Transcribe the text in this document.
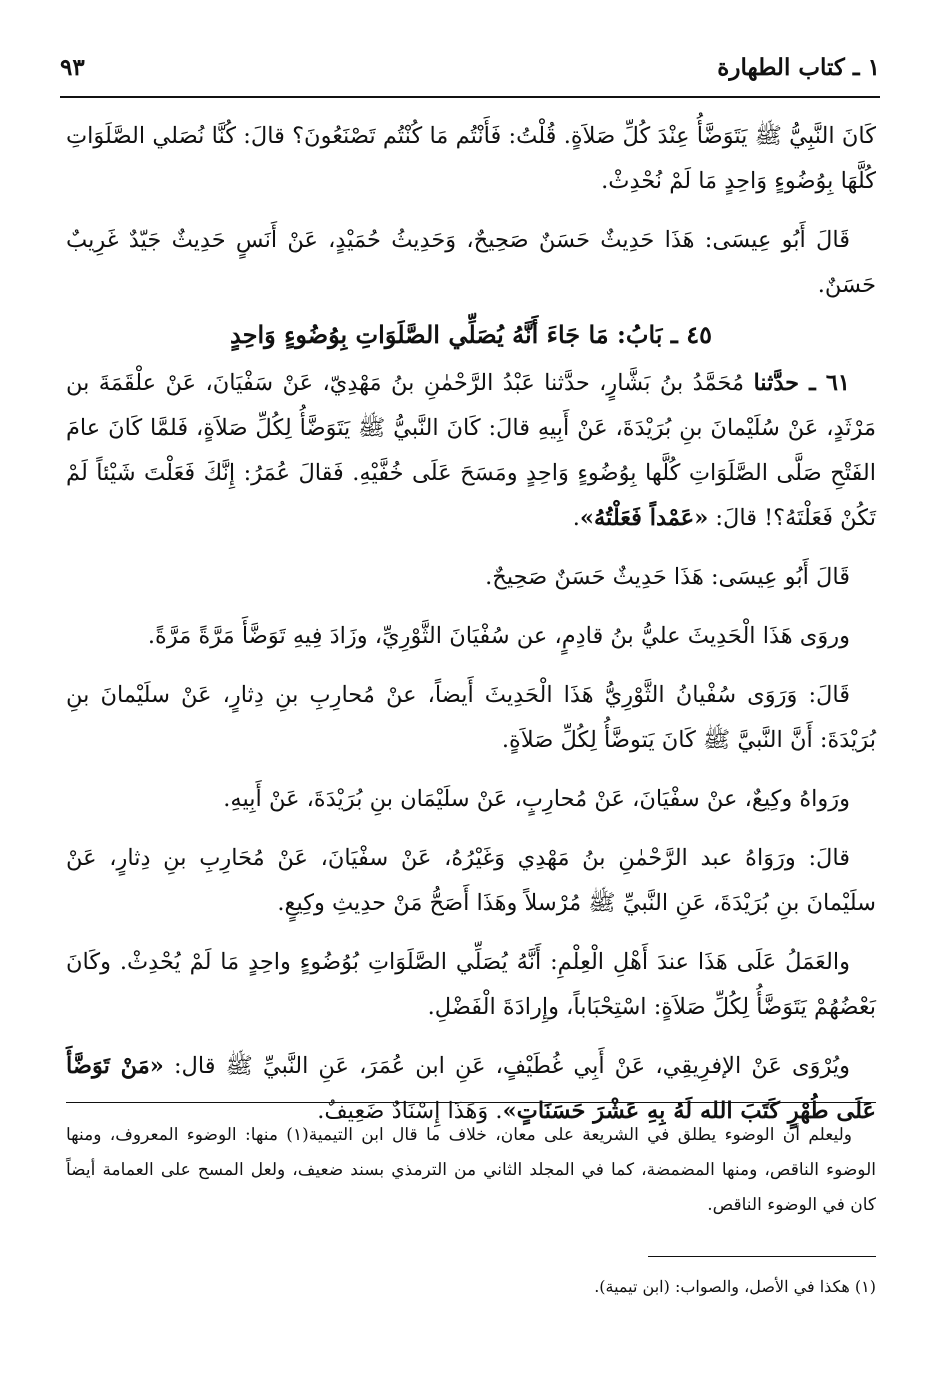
٩٣	١ ـ كتاب الطهارة

كَانَ النَّبِيُّ ﷺ يَتَوَضَّأُ عِنْدَ كُلِّ صَلاَةٍ. قُلْتُ: فَأَنْتُم مَا كُنْتُم تَصْنَعُونَ؟ قالَ: كُنَّا نُصَلي الصَّلَوَاتِ كُلَّهَا بِوُضُوءٍ وَاحِدٍ مَا لَمْ نُحْدِثْ.

قَالَ أَبُو عِيسَى: هَذَا حَدِيثٌ حَسَنٌ صَحِيحٌ، وَحَدِيثُ حُمَيْدٍ، عَنْ أَنَسٍ حَدِيثٌ جَيّدٌ غَرِيبٌ حَسَنٌ.

٤٥ ـ بَابُ: مَا جَاءَ أَنَّهُ يُصَلِّي الصَّلَوَاتِ بِوُضُوءٍ وَاحِدٍ

٦١ ـ حدَّثنا مُحَمَّدُ بنُ بَشَّارٍ، حدَّثنا عَبْدُ الرَّحْمٰنِ بنُ مَهْدِيّ، عَنْ سَفْيَانَ، عَنْ علْقَمَةَ بن مَرْثَدٍ، عَنْ سُلَيْمانَ بنِ بُرَيْدَةَ، عَنْ أَبِيهِ قالَ: كَانَ النَّبيُّ ﷺ يَتَوَضَّأُ لِكُلِّ صَلاَةٍ، فَلمَّا كَانَ عامَ الفَتْحِ صَلَّى الصَّلَوَاتِ كُلَّها بِوُضُوءٍ وَاحِدٍ ومَسَحَ عَلَى خُفَّيْهِ. فَقالَ عُمَرُ: إِنَّكَ فَعَلْتَ شَيْئاً لَمْ تَكُنْ فَعَلْتَهُ؟! قالَ: «عَمْداً فَعَلْتُهُ».

قَالَ أَبُو عِيسَى: هَذَا حَدِيثٌ حَسَنٌ صَحِيحٌ.

وروَى هَذَا الْحَدِيثَ عليُّ بنُ قادِمٍ، عن سُفْيَانَ الثَّوْرِيِّ، وزَادَ فِيهِ تَوَضَّأَ مَرَّةً مَرَّةً.

قَالَ: وَرَوَى سُفْيانُ الثَّوْرِيُّ هَذَا الْحَدِيثَ أَيضاً، عنْ مُحارِبِ بنِ دِثارٍ، عَنْ سلَيْمانَ بنِ بُرَيْدَةَ: أَنَّ النَّبيَّ ﷺ كَانَ يَتوضَّأُ لِكُلِّ صَلاَةٍ.

ورَواهُ وكِيعٌ، عنْ سفْيَانَ، عَنْ مُحارِبٍ، عَنْ سلَيْمَان بنِ بُرَيْدَةَ، عَنْ أَبِيهِ.

قالَ: ورَوَاهُ عبد الرَّحْمٰنِ بنُ مَهْدِي وَغَيْرُهُ، عَنْ سفْيَانَ، عَنْ مُحَارِبِ بنِ دِثارٍ، عَنْ سلَيْمانَ بنِ بُرَيْدَةَ، عَنِ النَّبيِّ ﷺ مُرْسلاً وهَذَا أَصَحُّ مَنْ حدِيثِ وكِيعٍ.

والعَمَلُ عَلَى هَذَا عندَ أَهْلِ الْعِلْمِ: أَنَّهُ يُصَلِّي الصَّلَوَاتِ بُوُضُوءٍ واحِدٍ مَا لَمْ يُحْدِثْ. وكَانَ بَعْضُهُمْ يَتَوَضَّأُ لِكُلِّ صَلاَةٍ: اسْتِحْبَاباً، وإِرادَةَ الْفَضْلِ.

ويُرْوَى عَنْ الإفرِيقِي، عَنْ أَبِي غُطَيْفٍ، عَنِ ابن عُمَرَ، عَنِ النَّبيِّ ﷺ قال: «مَنْ تَوَضَّأَ عَلَى طُهْرٍ كَتَبَ الله لَهُ بِهِ عَشْرَ حَسَنَاتٍ». وَهَذَا إِسْنَادٌ ضَعِيفٌ.

وليعلم أن الوضوء يطلق في الشريعة على معان، خلاف ما قال ابن التيمية(١) منها: الوضوء المعروف، ومنها الوضوء الناقص، ومنها المضمضة، كما في المجلد الثاني من الترمذي بسند ضعيف، ولعل المسح على العمامة أيضاً كان في الوضوء الناقص.
(١) هكذا في الأصل، والصواب: (ابن تيمية).
